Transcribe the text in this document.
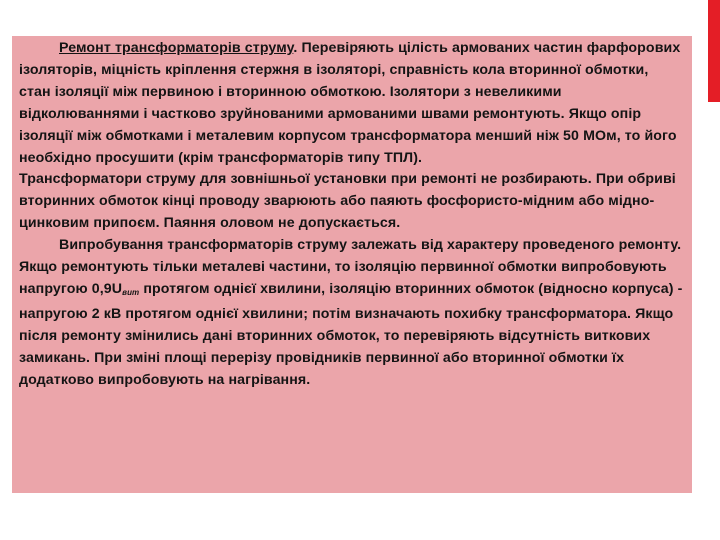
Ремонт трансформаторів струму. Перевіряють цілість армованих частин фарфорових ізоляторів, міцність кріплення стержня в ізоляторі, справність кола вторинної обмотки, стан ізоляції між первиною і вторинною обмоткою. Ізолятори з невеликими відколюваннями і частково зруйнованими армованими швами ремонтують. Якщо опір ізоляції між обмотками і металевим корпусом трансформатора менший ніж 50 МОм, то його необхідно просушити (крім трансформаторів типу ТПЛ).

Трансформатори струму для зовнішньої установки при ремонті не розбирають. При обриві вторинних обмоток кінці проводу зварюють або паяють фосфористо-мідним або мідно-цинковим припоєм. Паяння оловом не допускається.

Випробування трансформаторів струму залежать від характеру проведеного ремонту. Якщо ремонтують тільки металеві частини, то ізоляцію первинної обмотки випробовують напругою $0,9U_{вит}$ протягом однієї хвилини, ізоляцію вторинних обмоток (відносно корпуса) - напругою 2 кВ протягом однієї хвилини; потім визначають похибку трансформатора. Якщо після ремонту змінились дані вторинних обмоток, то перевіряють відсутність виткових замикань. При зміні площі перерізу провідників первинної або вторинної обмотки їх додатково випробовують на нагрівання.
